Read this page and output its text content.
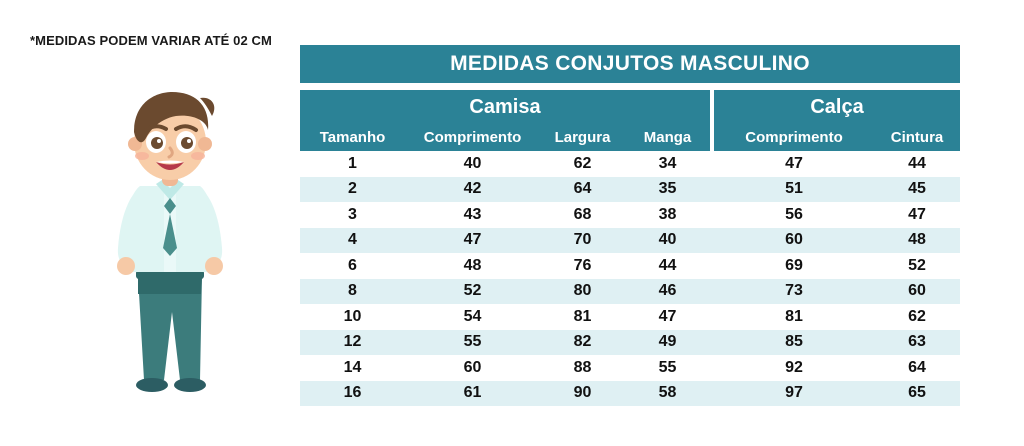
*MEDIDAS PODEM VARIAR ATÉ 02 CM
MEDIDAS CONJUTOS MASCULINO						

Camisa					Calça	
Tamanho	Comprimento	Largura	Manga		Comprimento	Cintura
1	40	62	34		47	44
2	42	64	35		51	45
3	43	68	38		56	47
4	47	70	40		60	48
6	48	76	44		69	52
8	52	80	46		73	60
10	54	81	47		81	62
12	55	82	49		85	63
14	60	88	55		92	64
16	61	90	58		97	65
